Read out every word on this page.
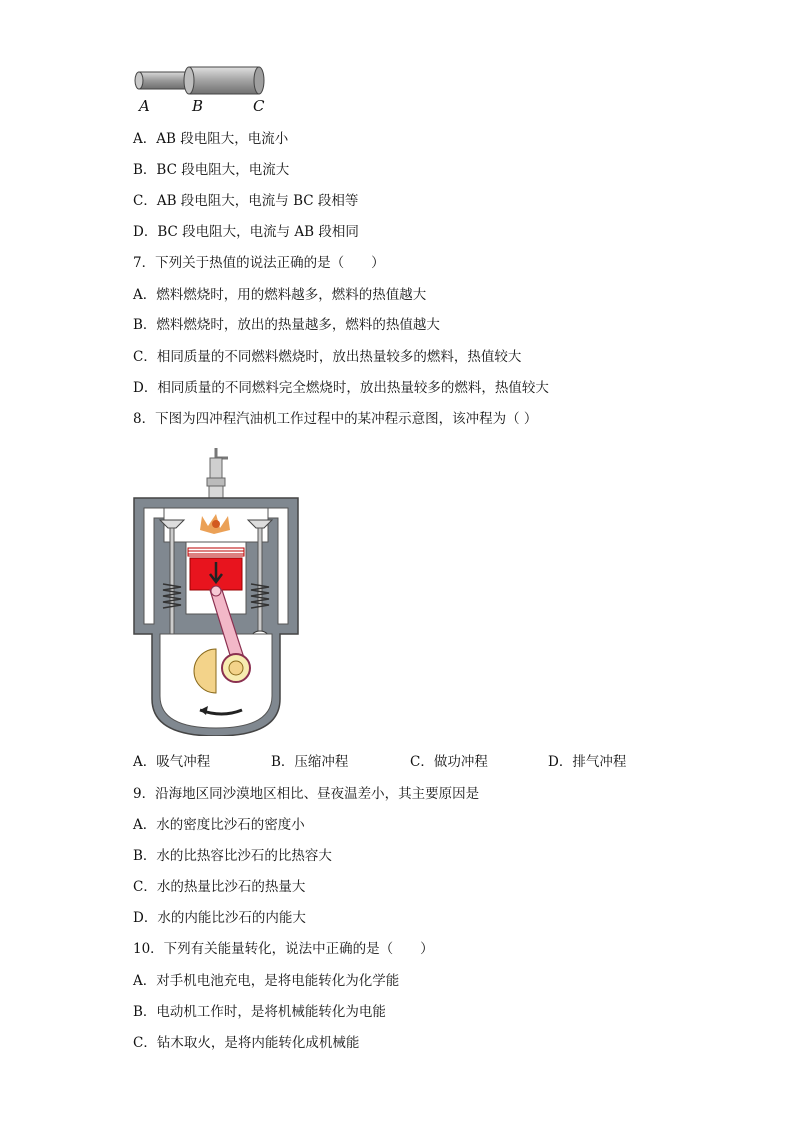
A	B	C
A．AB 段电阻大，电流小
B．BC 段电阻大，电流大
C．AB 段电阻大，电流与 BC 段相等
D．BC 段电阻大，电流与 AB 段相同
7．下列关于热值的说法正确的是（　　）
A．燃料燃烧时，用的燃料越多，燃料的热值越大
B．燃料燃烧时，放出的热量越多，燃料的热值越大
C．相同质量的不同燃料燃烧时，放出热量较多的燃料，热值较大
D．相同质量的不同燃料完全燃烧时，放出热量较多的燃料，热值较大
8．下图为四冲程汽油机工作过程中的某冲程示意图，该冲程为（ ）
A．吸气冲程	B．压缩冲程	C．做功冲程	D．排气冲程
9．沿海地区同沙漠地区相比、昼夜温差小，其主要原因是
A．水的密度比沙石的密度小
B．水的比热容比沙石的比热容大
C．水的热量比沙石的热量大
D．水的内能比沙石的内能大
10．下列有关能量转化，说法中正确的是（　　）
A．对手机电池充电，是将电能转化为化学能
B．电动机工作时，是将机械能转化为电能
C．钻木取火，是将内能转化成机械能
